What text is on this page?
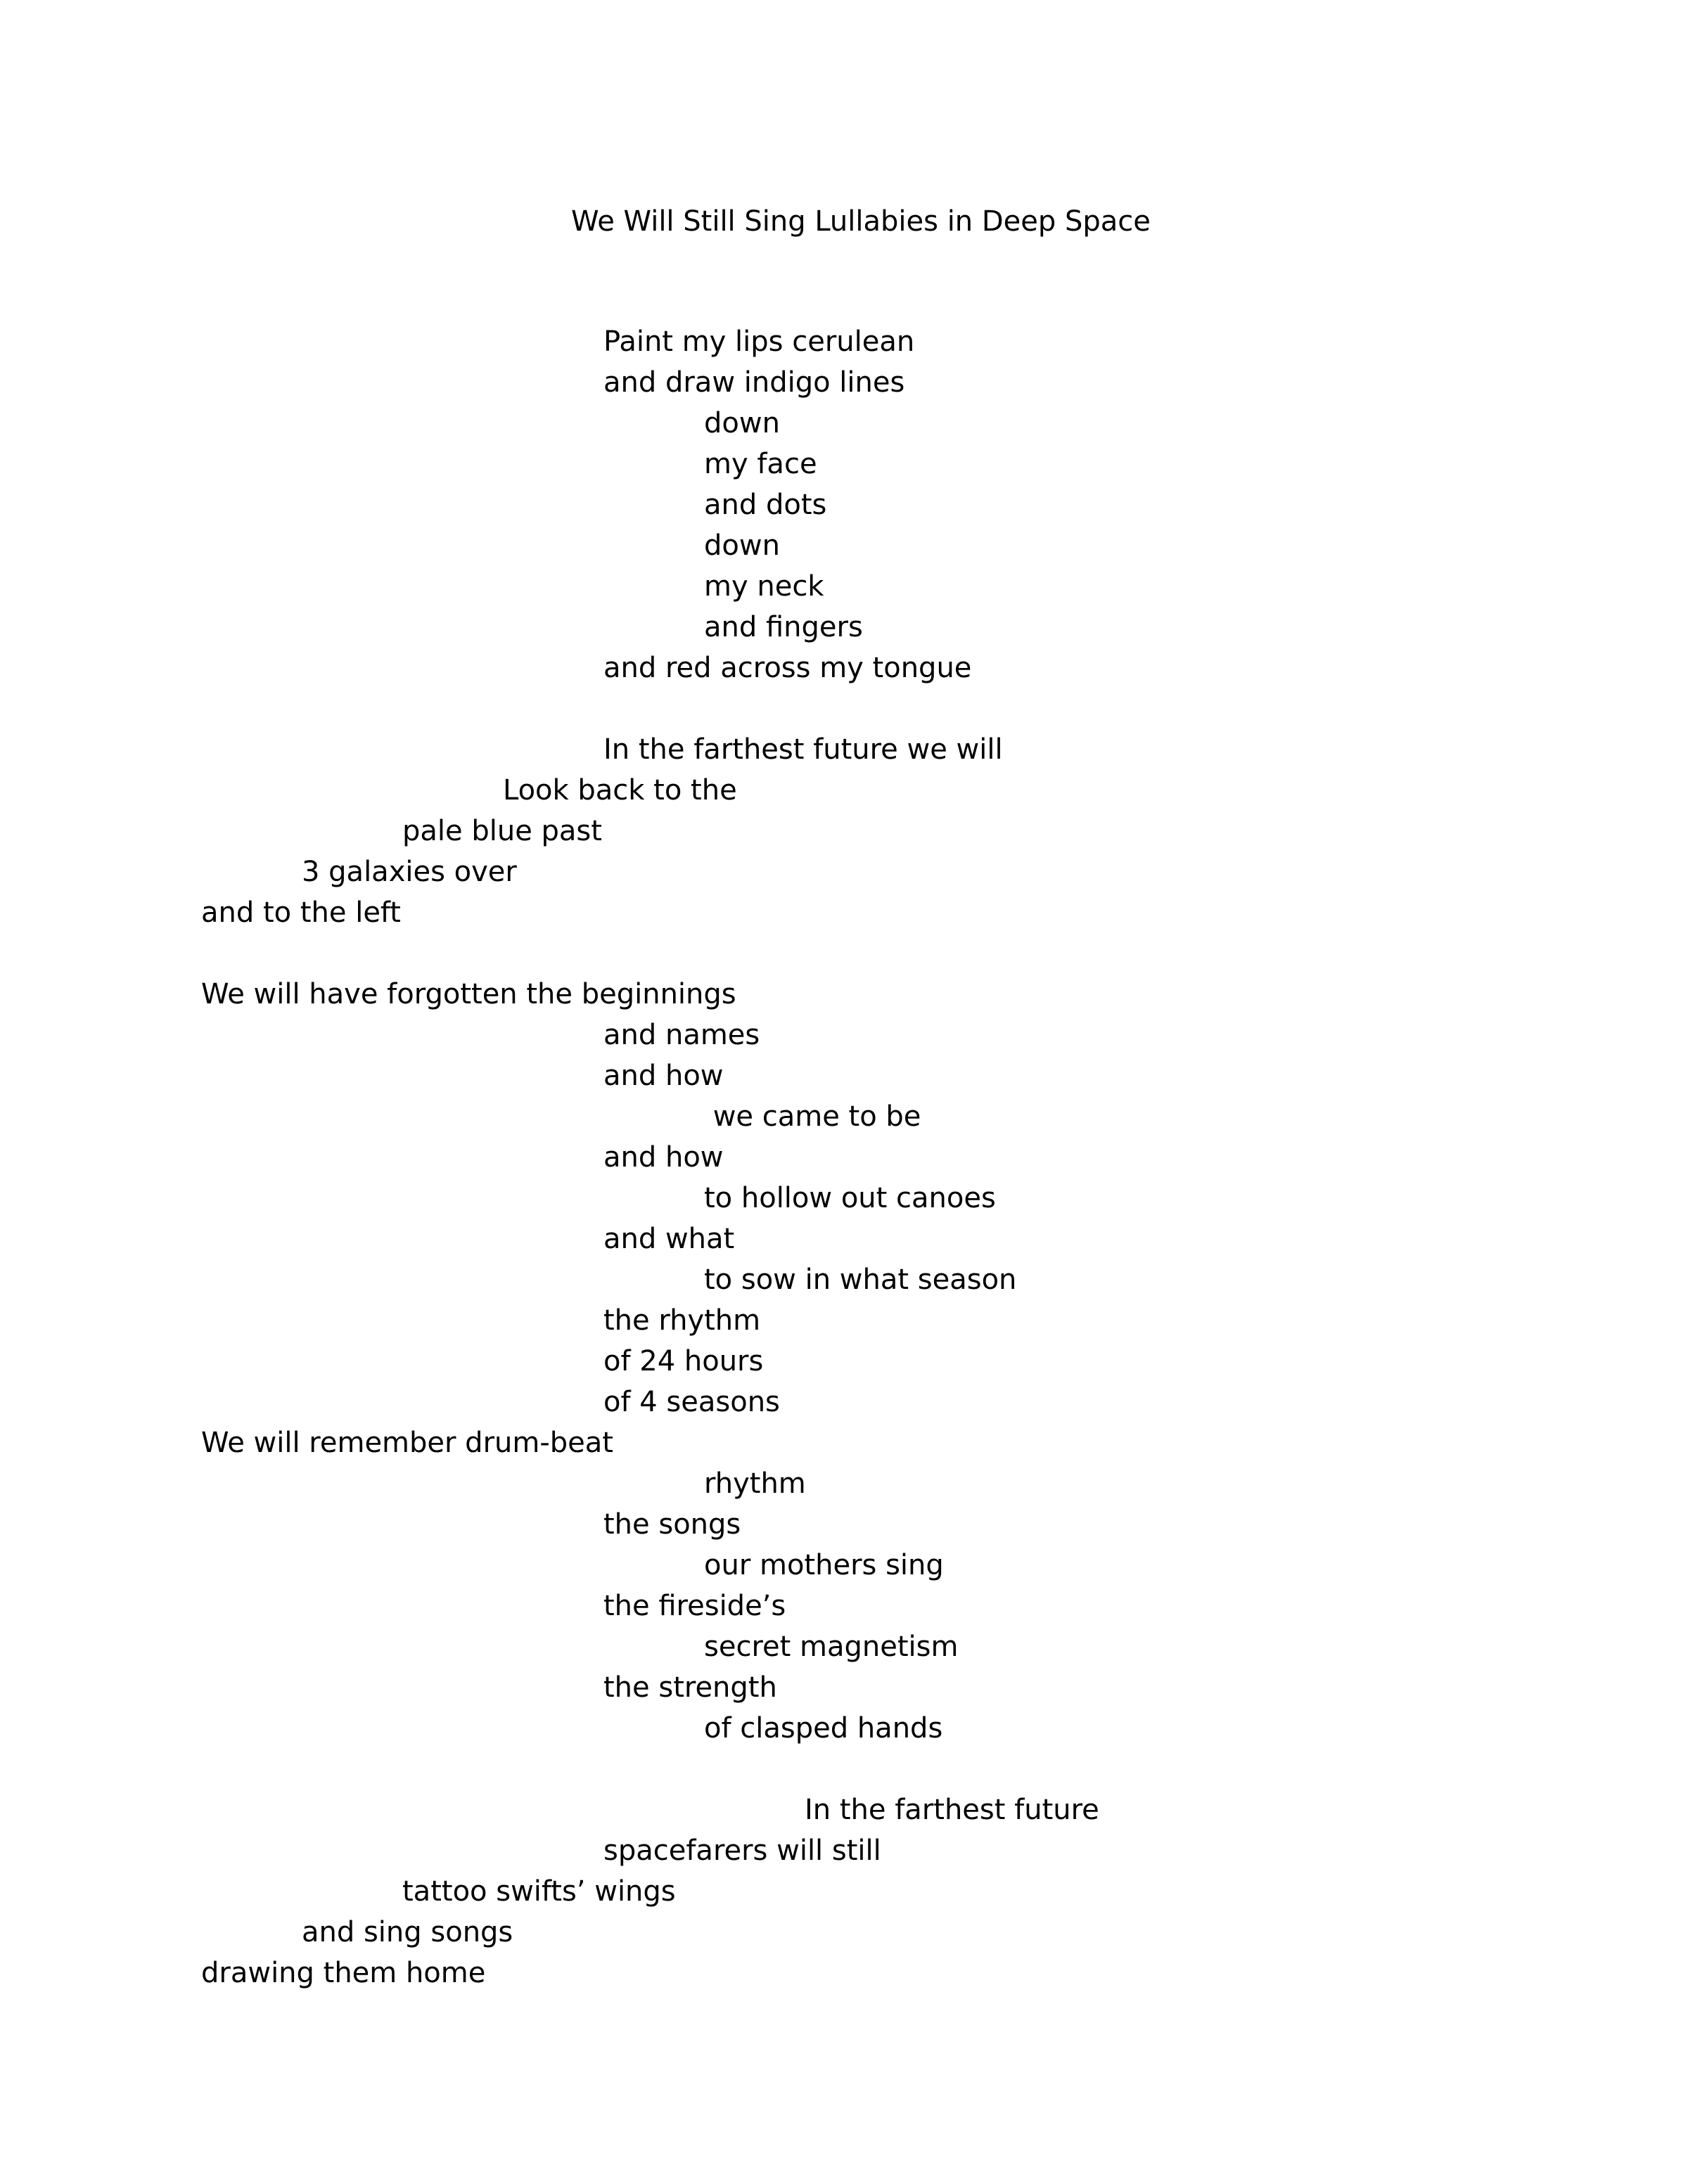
We Will Still Sing Lullabies in Deep Space
Paint my lips cerulean
and draw indigo lines
down
my face
and dots
down
my neck
and fingers
and red across my tongue
In the farthest future we will
Look back to the
pale blue past
3 galaxies over
and to the left
We will have forgotten the beginnings
and names
and how
we came to be
and how
to hollow out canoes
and what
to sow in what season
the rhythm
of 24 hours
of 4 seasons
We will remember drum-beat
rhythm
the songs
our mothers sing
the fireside’s
secret magnetism
the strength
of clasped hands
In the farthest future
spacefarers will still
tattoo swifts’ wings
and sing songs
drawing them home
